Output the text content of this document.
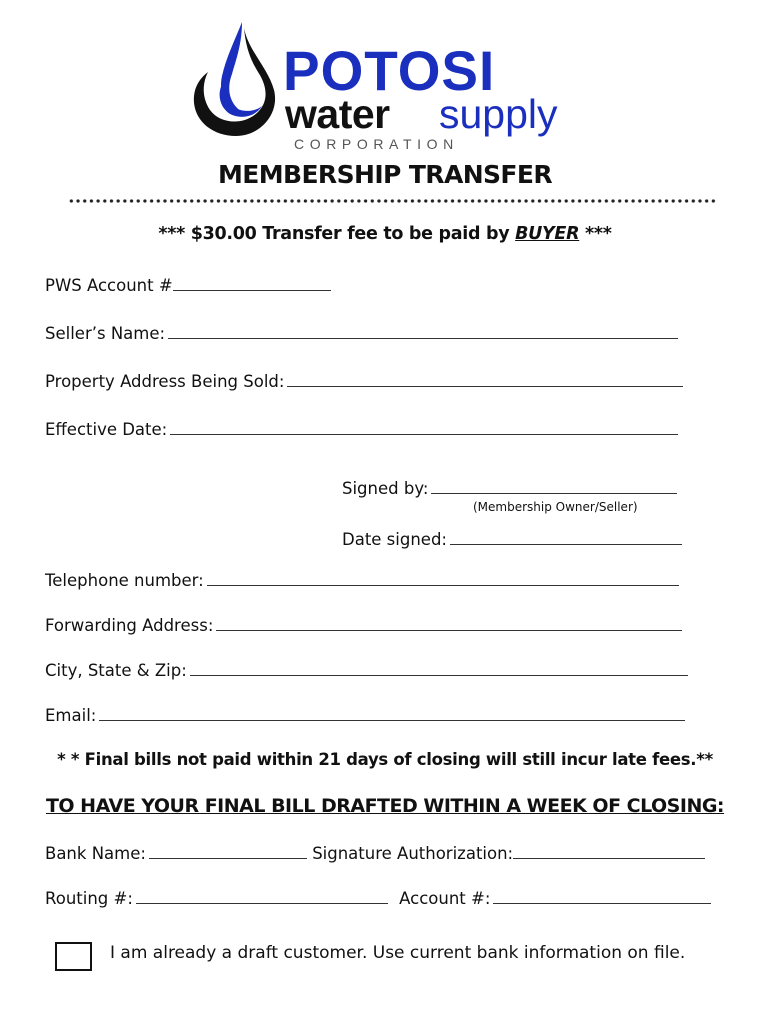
POTOSI
water supply
CORPORATION
MEMBERSHIP TRANSFER
*** $30.00 Transfer fee to be paid by BUYER ***
PWS Account #
Seller’s Name:
Property Address Being Sold:
Effective Date:
Signed by:
(Membership Owner/Seller)
Date signed:
Telephone number:
Forwarding Address:
City, State & Zip:
Email:
* * Final bills not paid within 21 days of closing will still incur late fees.**
TO HAVE YOUR FINAL BILL DRAFTED WITHIN A WEEK OF CLOSING:
Bank Name:	Signature Authorization:
Routing #:	Account #:
I am already a draft customer. Use current bank information on file.
